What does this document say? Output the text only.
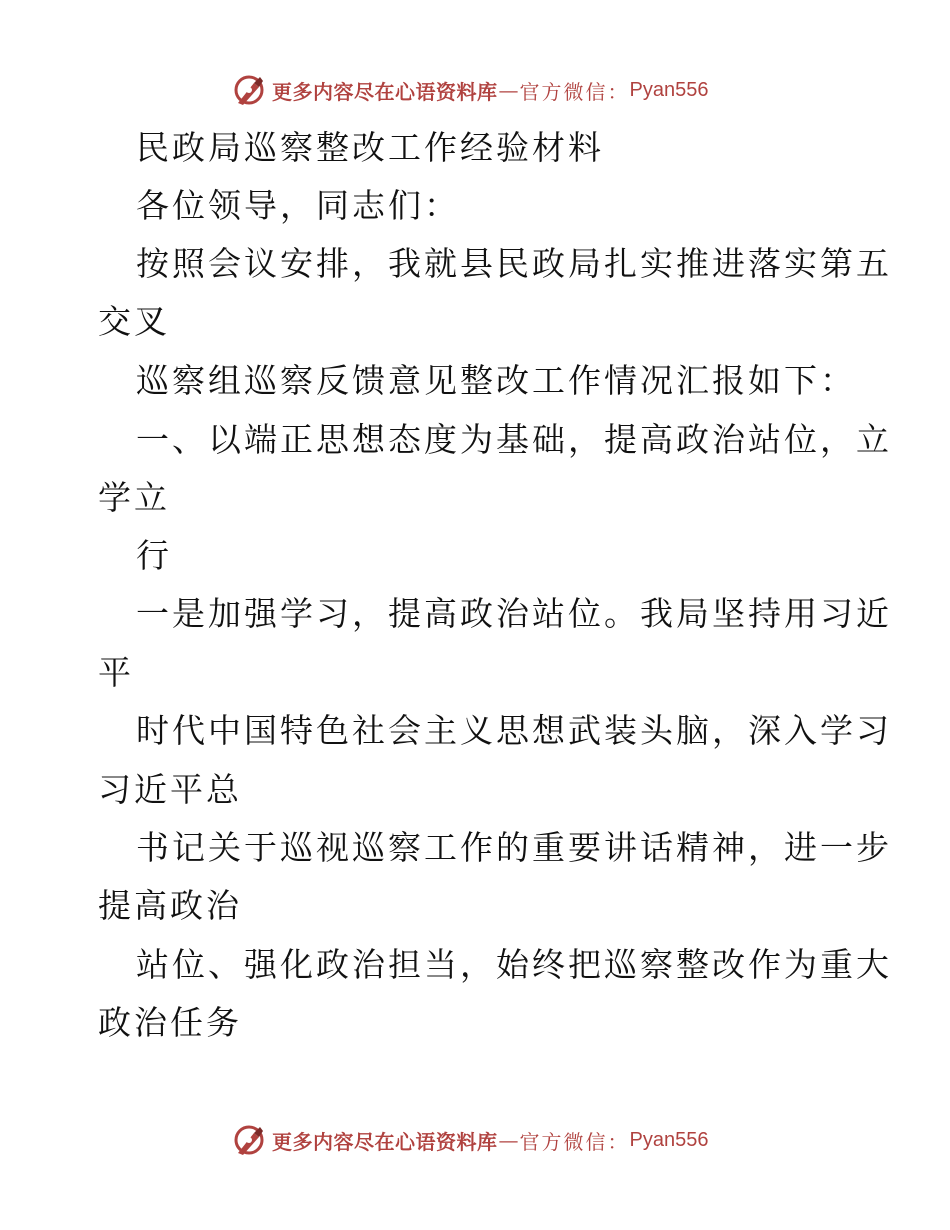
更多内容尽在心语资料库 — 官方微信： Pyan556
民政局巡察整改工作经验材料
各位领导，同志们：
按照会议安排，我就县民政局扎实推进落实第五
交叉
巡察组巡察反馈意见整改工作情况汇报如下：
一、以端正思想态度为基础，提高政治站位，立
学立
行
一是加强学习，提高政治站位。我局坚持用习近
平
时代中国特色社会主义思想武装头脑，深入学习
习近平总
书记关于巡视巡察工作的重要讲话精神，进一步
提高政治
站位、强化政治担当，始终把巡察整改作为重大
政治任务
更多内容尽在心语资料库 — 官方微信： Pyan556
